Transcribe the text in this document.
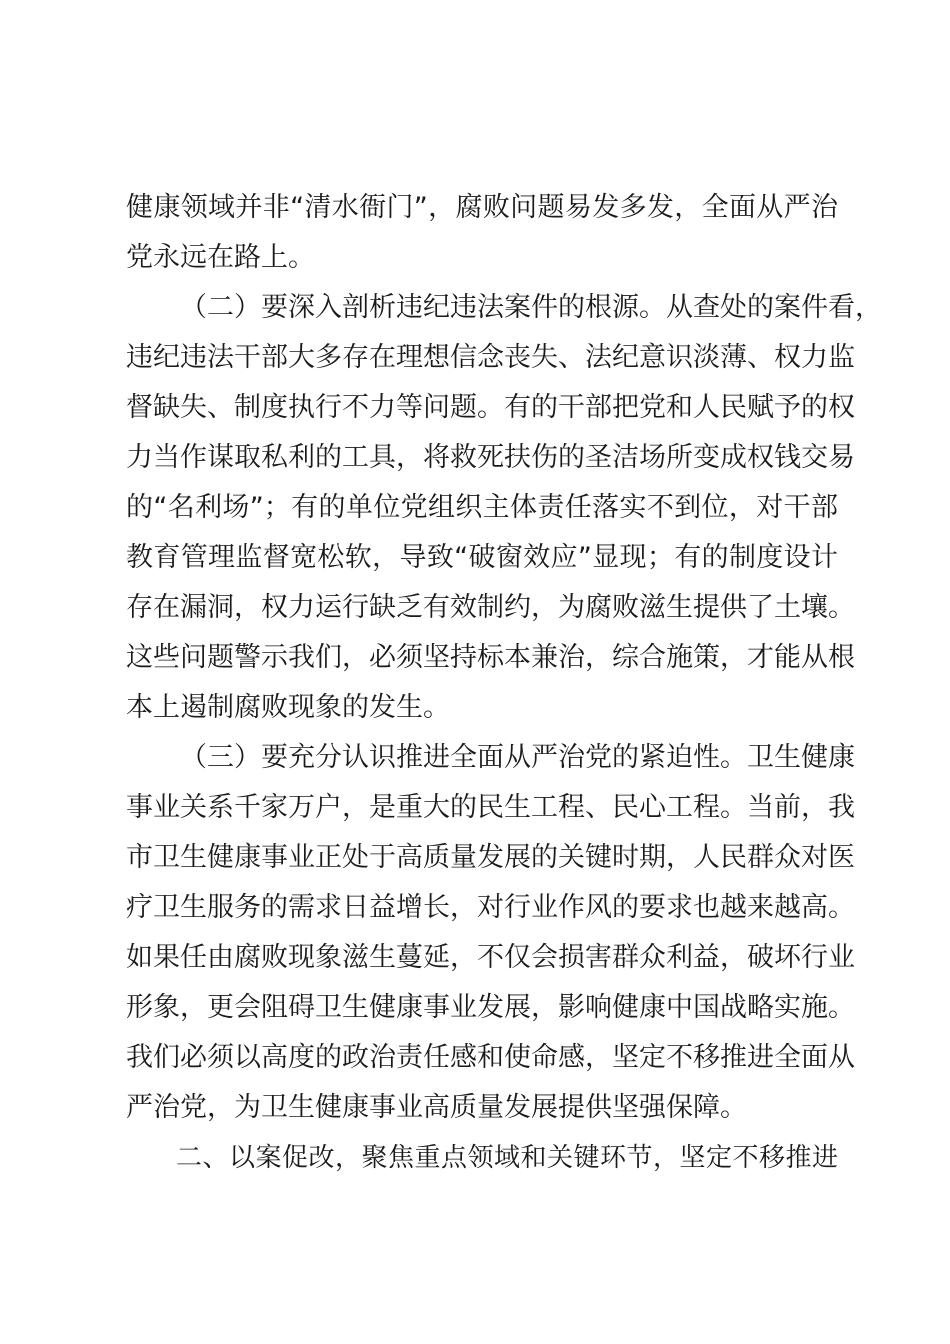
健康领域并非“清水衙门”，腐败问题易发多发，全面从严治
党永远在路上。
（二）要深入剖析违纪违法案件的根源。从查处的案件看，
违纪违法干部大多存在理想信念丧失、法纪意识淡薄、权力监
督缺失、制度执行不力等问题。有的干部把党和人民赋予的权
力当作谋取私利的工具，将救死扶伤的圣洁场所变成权钱交易
的“名利场”；有的单位党组织主体责任落实不到位，对干部
教育管理监督宽松软，导致“破窗效应”显现；有的制度设计
存在漏洞，权力运行缺乏有效制约，为腐败滋生提供了土壤。
这些问题警示我们，必须坚持标本兼治，综合施策，才能从根
本上遏制腐败现象的发生。
（三）要充分认识推进全面从严治党的紧迫性。卫生健康
事业关系千家万户，是重大的民生工程、民心工程。当前，我
市卫生健康事业正处于高质量发展的关键时期，人民群众对医
疗卫生服务的需求日益增长，对行业作风的要求也越来越高。
如果任由腐败现象滋生蔓延，不仅会损害群众利益，破坏行业
形象，更会阻碍卫生健康事业发展，影响健康中国战略实施。
我们必须以高度的政治责任感和使命感，坚定不移推进全面从
严治党，为卫生健康事业高质量发展提供坚强保障。
二、以案促改，聚焦重点领域和关键环节，坚定不移推进
